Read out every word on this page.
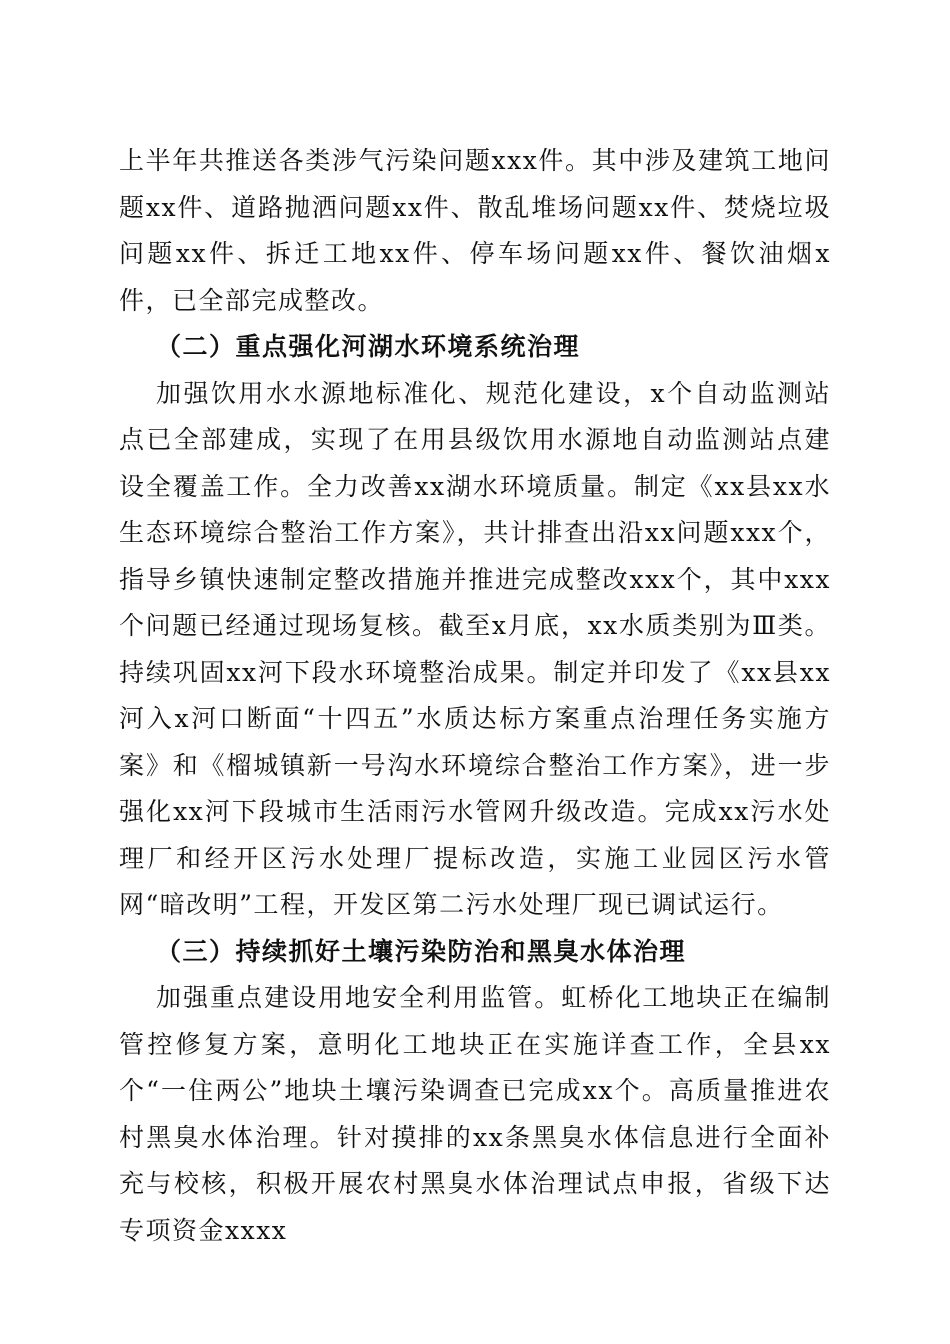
上半年共推送各类涉气污染问题xxx件。其中涉及建筑工地问题xx件、道路抛洒问题xx件、散乱堆场问题xx件、焚烧垃圾问题xx件、拆迁工地xx件、停车场问题xx件、餐饮油烟x件，已全部完成整改。

（二）重点强化河湖水环境系统治理

加强饮用水水源地标准化、规范化建设，x个自动监测站点已全部建成，实现了在用县级饮用水源地自动监测站点建设全覆盖工作。全力改善xx湖水环境质量。制定《xx县xx水生态环境综合整治工作方案》，共计排查出沿xx问题xxx个，指导乡镇快速制定整改措施并推进完成整改xxx个，其中xxx个问题已经通过现场复核。截至x月底，xx水质类别为Ⅲ类。持续巩固xx河下段水环境整治成果。制定并印发了《xx县xx河入x河口断面“十四五”水质达标方案重点治理任务实施方案》和《榴城镇新一号沟水环境综合整治工作方案》，进一步强化xx河下段城市生活雨污水管网升级改造。完成xx污水处理厂和经开区污水处理厂提标改造，实施工业园区污水管网“暗改明”工程，开发区第二污水处理厂现已调试运行。

（三）持续抓好土壤污染防治和黑臭水体治理

加强重点建设用地安全利用监管。虹桥化工地块正在编制管控修复方案，意明化工地块正在实施详查工作，全县xx个“一住两公”地块土壤污染调查已完成xx个。高质量推进农村黑臭水体治理。针对摸排的xx条黑臭水体信息进行全面补充与校核，积极开展农村黑臭水体治理试点申报，省级下达专项资金xxxx
